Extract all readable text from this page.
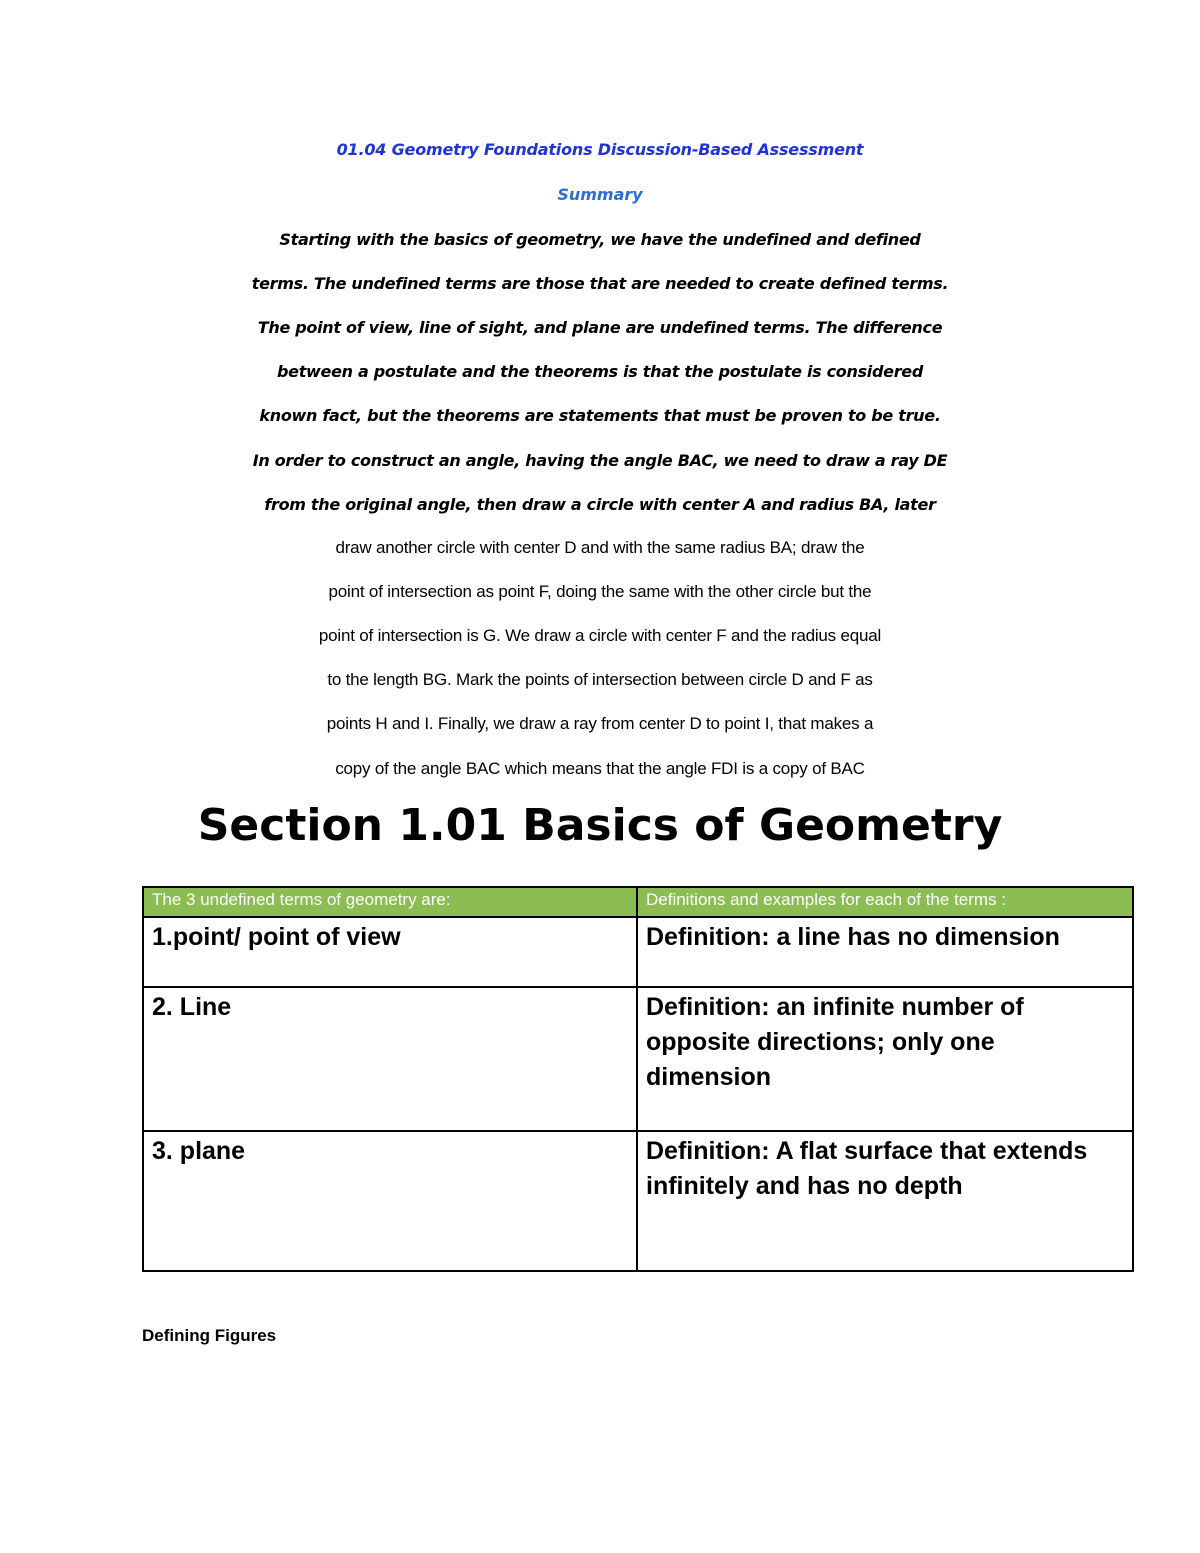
01.04 Geometry Foundations Discussion-Based Assessment
Summary
Starting with the basics of geometry, we have the undefined and defined
terms. The undefined terms are those that are needed to create defined terms.
The point of view, line of sight, and plane are undefined terms. The difference
between a postulate and the theorems is that the postulate is considered
known fact, but the theorems are statements that must be proven to be true.
In order to construct an angle, having the angle BAC, we need to draw a ray DE
from the original angle, then draw a circle with center A and radius BA, later
draw another circle with center D and with the same radius BA; draw the
point of intersection as point F, doing the same with the other circle but the
point of intersection is G. We draw a circle with center F and the radius equal
to the length BG. Mark the points of intersection between circle D and F as
points H and I. Finally, we draw a ray from center D to point I, that makes a
copy of the angle BAC which means that the angle FDI is a copy of BAC
Section 1.01 Basics of Geometry
The 3 undefined terms of geometry are:	Definitions and examples for each of the terms :
1.point/ point of view	Definition: a line has no dimension
2. Line	Definition: an infinite number of opposite directions; only one dimension
3. plane	Definition: A flat surface that extends infinitely and has no depth
Defining Figures
